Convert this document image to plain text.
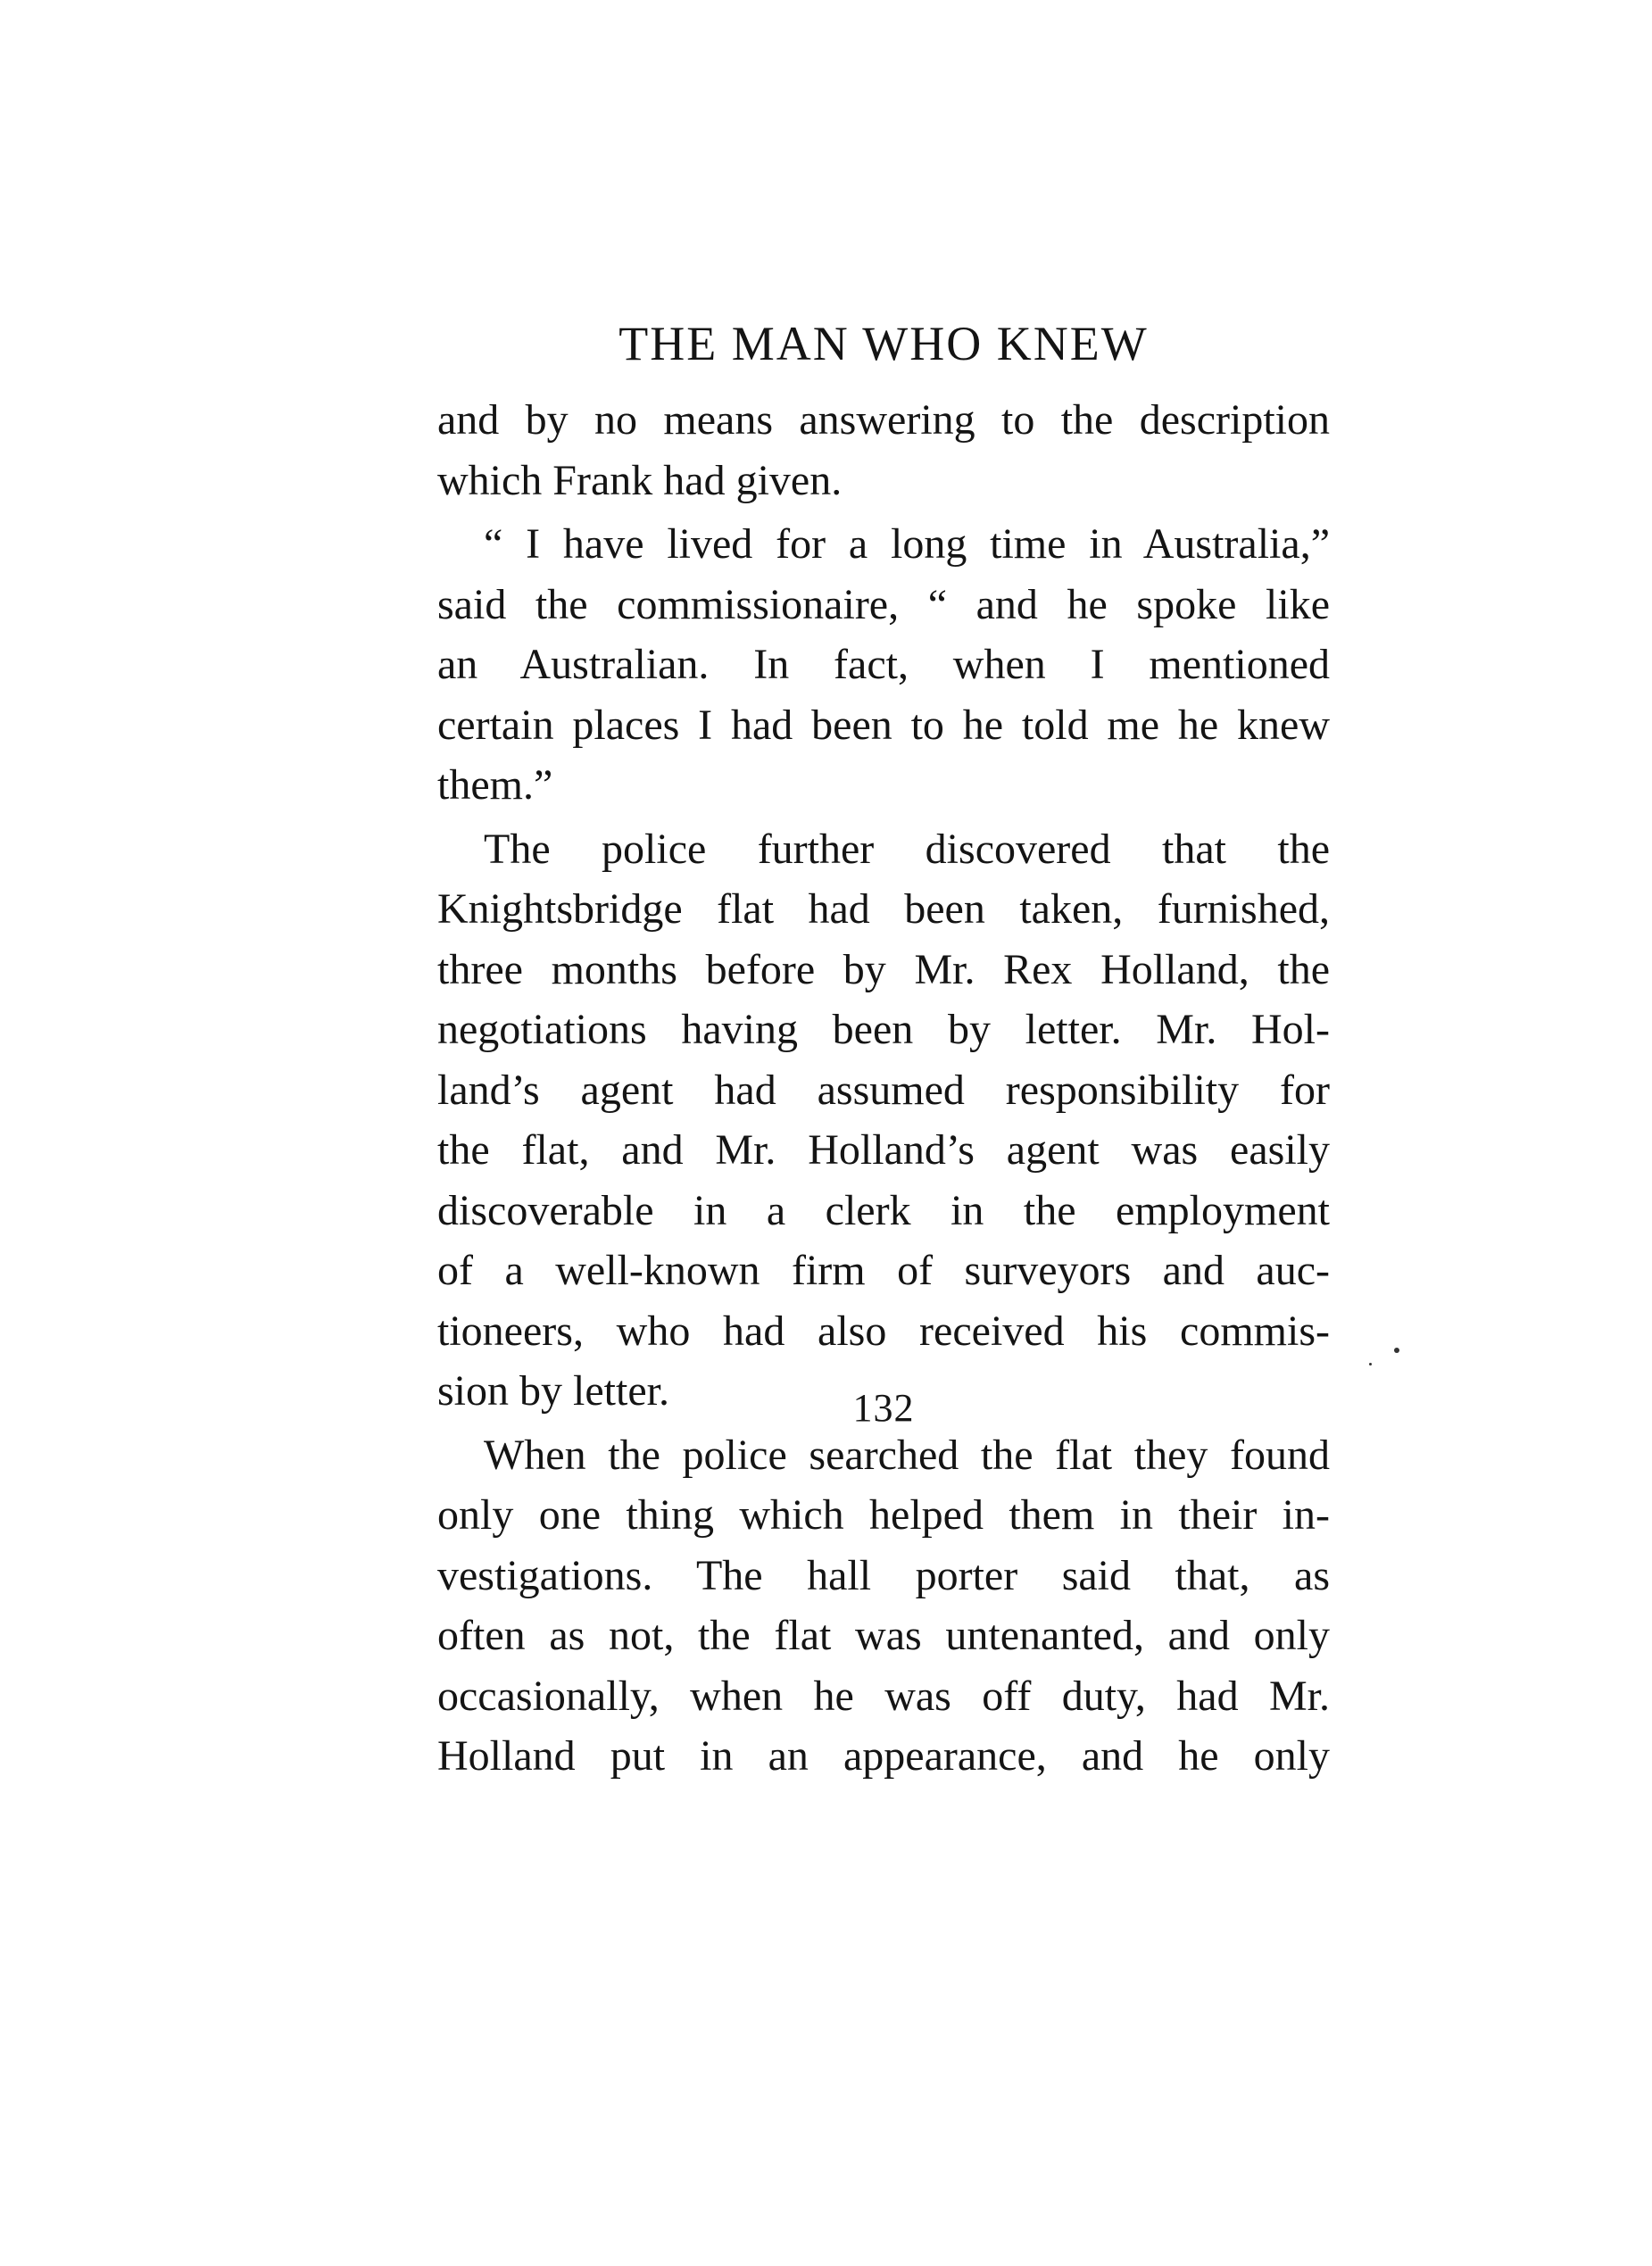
THE MAN WHO KNEW
and by no means answering to the description
which Frank had given.
“ I have lived for a long time in Australia,”
said the commissionaire, “ and he spoke like
an Australian. In fact, when I mentioned
certain places I had been to he told me he knew
them.”
The police further discovered that the
Knightsbridge flat had been taken, furnished,
three months before by Mr. Rex Holland, the
negotiations having been by letter. Mr. Hol-
land’s agent had assumed responsibility for
the flat, and Mr. Holland’s agent was easily
discoverable in a clerk in the employment
of a well-known firm of surveyors and auc-
tioneers, who had also received his commis-
sion by letter.
When the police searched the flat they found
only one thing which helped them in their in-
vestigations. The hall porter said that, as
often as not, the flat was untenanted, and only
occasionally, when he was off duty, had Mr.
Holland put in an appearance, and he only
132
